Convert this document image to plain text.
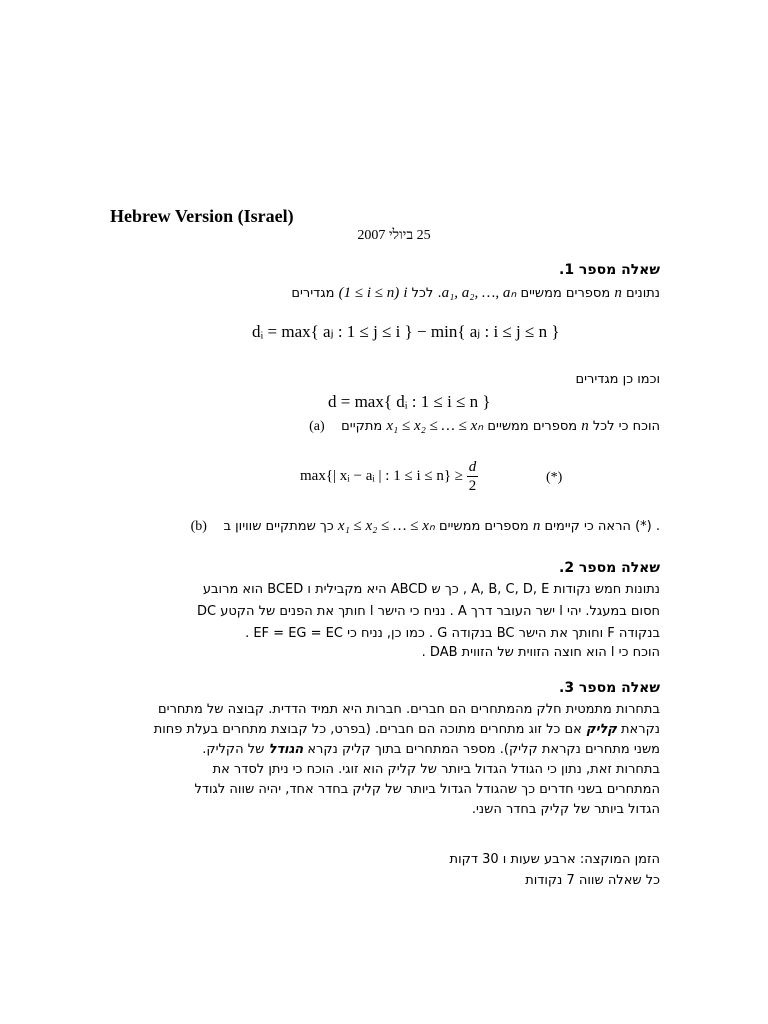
Hebrew Version (Israel)
25 ביולי 2007
שאלה מספר 1.
נתונים n מספרים ממשיים a₁, a₂, …, aₙ. לכל i (1 ≤ i ≤ n) מגדירים
dᵢ = max{ aⱼ : 1 ≤ j ≤ i } − min{ aⱼ : i ≤ j ≤ n }
וכמו כן מגדירים
d = max{ dᵢ : 1 ≤ i ≤ n }
(a)	הוכח כי לכל n מספרים ממשיים x₁ ≤ x₂ ≤ … ≤ xₙ מתקיים
max{| xᵢ − aᵢ | : $1 \le i \le n\} \ge \frac{d}{2}$	(*)
(b)	הראה כי קיימים n מספרים ממשיים x₁ ≤ x₂ ≤ … ≤ xₙ כך שמתקיים שוויון ב	(*) .
שאלה מספר 2.
נתונות חמש נקודות A, B, C, D, E , כך ש ABCD היא מקבילית ו BCED הוא מרובע
חסום במעגל. יהי l ישר העובר דרך A . נניח כי הישר l חותך את הפנים של הקטע DC
בנקודה F וחותך את הישר BC בנקודה G . כמו כן, נניח כי EF = EG = EC .
הוכח כי l הוא חוצה הזווית של הזווית DAB .
שאלה מספר 3.
בתחרות מתמטית חלק מהמתחרים הם חברים. חברות היא תמיד הדדית. קבוצה של מתחרים
נקראת קליק אם כל זוג מתחרים מתוכה הם חברים. (בפרט, כל קבוצת מתחרים בעלת פחות
משני מתחרים נקראת קליק). מספר המתחרים בתוך קליק נקרא הגודל של הקליק.
בתחרות זאת, נתון כי הגודל הגדול ביותר של קליק הוא זוגי. הוכח כי ניתן לסדר את
המתחרים בשני חדרים כך שהגודל הגדול ביותר של קליק בחדר אחד, יהיה שווה לגודל
הגדול ביותר של קליק בחדר השני.
הזמן המוקצה: ארבע שעות ו 30 דקות
כל שאלה שווה 7 נקודות
